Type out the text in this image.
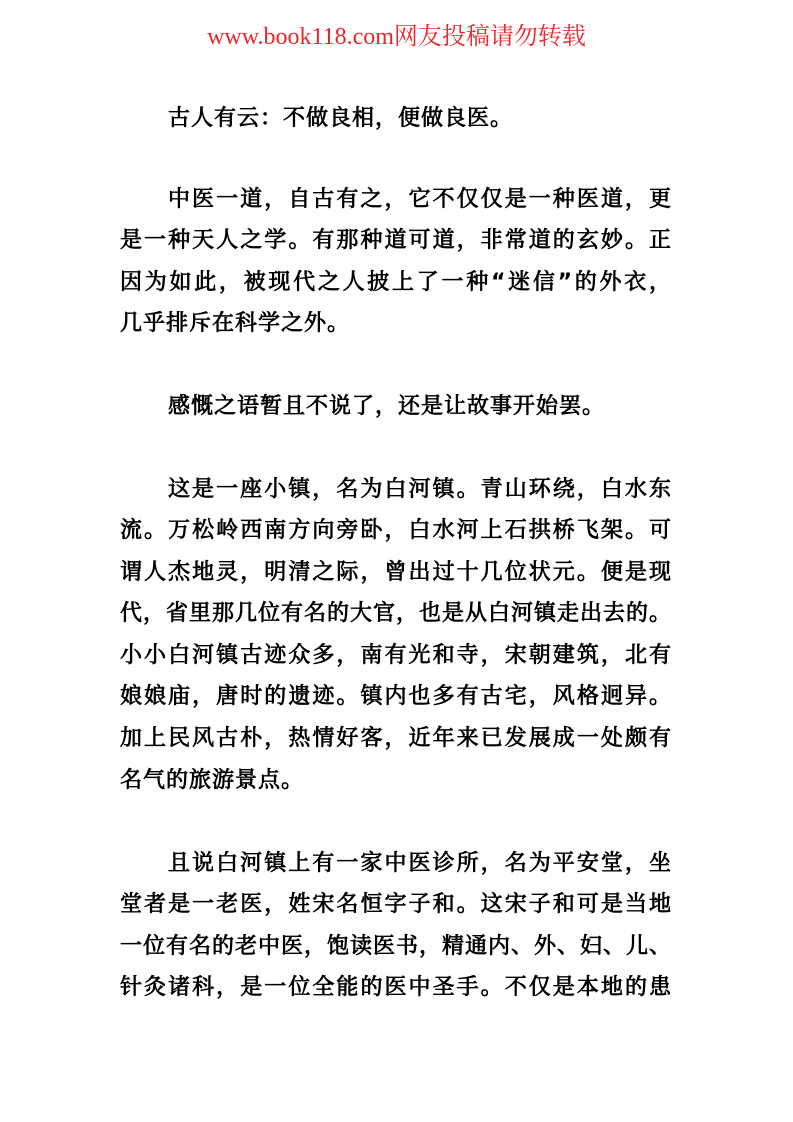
www.book118.com网友投稿请勿转载
古人有云：不做良相，便做良医。
中医一道，自古有之，它不仅仅是一种医道，更
是一种天人之学。有那种道可道，非常道的玄妙。正
因为如此，被现代之人披上了一种“迷信”的外衣，
几乎排斥在科学之外。
感慨之语暂且不说了，还是让故事开始罢。
这是一座小镇，名为白河镇。青山环绕，白水东
流。万松岭西南方向旁卧，白水河上石拱桥飞架。可
谓人杰地灵，明清之际，曾出过十几位状元。便是现
代，省里那几位有名的大官，也是从白河镇走出去的。
小小白河镇古迹众多，南有光和寺，宋朝建筑，北有
娘娘庙，唐时的遗迹。镇内也多有古宅，风格迥异。
加上民风古朴，热情好客，近年来已发展成一处颇有
名气的旅游景点。
且说白河镇上有一家中医诊所，名为平安堂，坐
堂者是一老医，姓宋名恒字子和。这宋子和可是当地
一位有名的老中医，饱读医书，精通内、外、妇、儿、
针灸诸科，是一位全能的医中圣手。不仅是本地的患
